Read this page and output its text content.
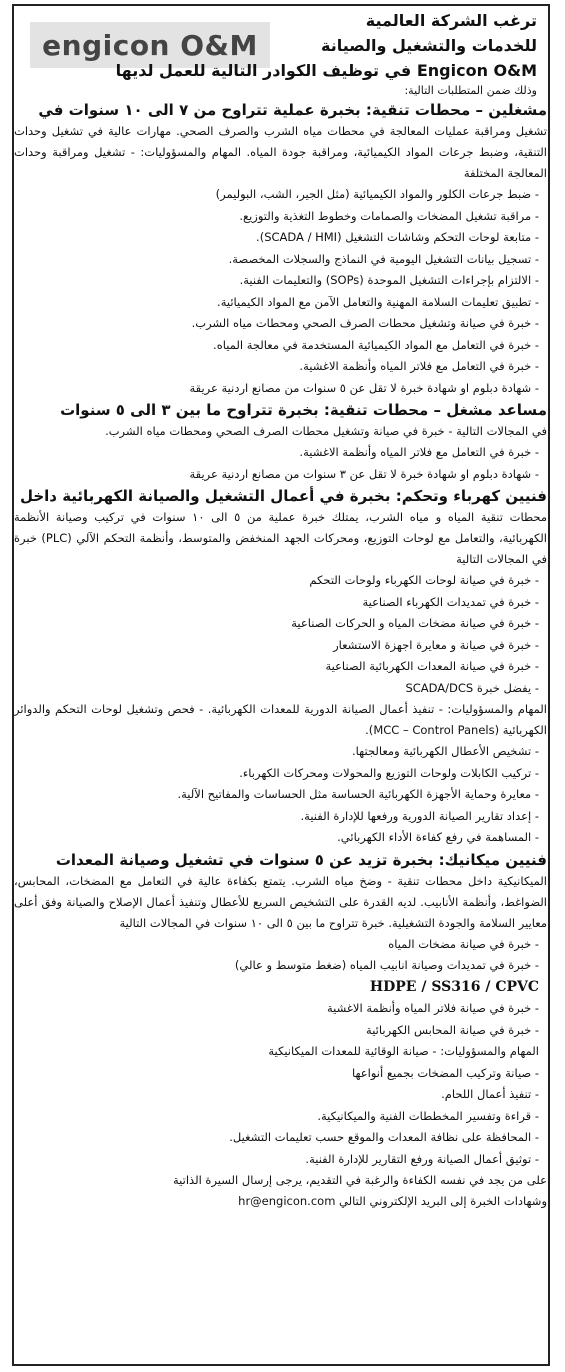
engicon O&M
ترغب الشركة العالمية
للخدمات والتشغيل والصيانة
Engicon O&M في توظيف الكوادر التالية للعمل لديها
وذلك ضمن المتطلبات التالية:
مشغلين – محطات تنقية: بخبرة عملية تتراوح من ٧ الى ١٠ سنوات في
تشغيل ومراقبة عمليات المعالجة في محطات مياه الشرب والصرف الصحي. مهارات عالية في تشغيل وحدات التنقية، وضبط جرعات المواد الكيميائية، ومراقبة جودة المياه. المهام والمسؤوليات: - تشغيل ومراقبة وحدات المعالجة المختلفة
- ضبط جرعات الكلور والمواد الكيميائية (مثل الجير، الشب، البوليمر)
- مراقبة تشغيل المضخات والصمامات وخطوط التغذية والتوزيع.
- متابعة لوحات التحكم وشاشات التشغيل (SCADA / HMI).
- تسجيل بيانات التشغيل اليومية في النماذج والسجلات المخصصة.
- الالتزام بإجراءات التشغيل الموحدة (SOPs) والتعليمات الفنية.
- تطبيق تعليمات السلامة المهنية والتعامل الآمن مع المواد الكيميائية.
- خبرة في صيانة وتشغيل محطات الصرف الصحي ومحطات مياه الشرب.
- خبرة في التعامل مع المواد الكيميائية المستخدمة في معالجة المياه.
- خبرة في التعامل مع فلاتر المياه وأنظمة الاغشية.
- شهادة دبلوم او شهادة خبرة لا تقل عن ٥ سنوات من مصانع اردنية عريقة
مساعد مشغل – محطات تنقية: بخبرة تتراوح ما بين ٣ الى ٥ سنوات
في المجالات التالية - خبرة في صيانة وتشغيل محطات الصرف الصحي ومحطات مياه الشرب.
- خبرة في التعامل مع فلاتر المياه وأنظمة الاغشية.
- شهادة دبلوم او شهادة خبرة لا تقل عن ٣ سنوات من مصانع اردنية عريقة
فنيين كهرباء وتحكم: بخبرة في أعمال التشغيل والصيانة الكهربائية داخل
محطات تنقية المياه و مياه الشرب، يمتلك خبرة عملية من ٥ الى ١٠ سنوات في تركيب وصيانة الأنظمة الكهربائية، والتعامل مع لوحات التوزيع، ومحركات الجهد المنخفض والمتوسط، وأنظمة التحكم الآلي (PLC) خبرة في المجالات التالية
- خبرة في صيانة لوحات الكهرباء ولوحات التحكم
- خبرة في تمديدات الكهرباء الصناعية
- خبرة في صيانة مضخات المياه و الحركات الصناعية
- خبرة في صيانة و معايرة اجهزة الاستشعار
- خبرة في صيانة المعدات الكهربائية الصناعية
- يفضل خبرة SCADA/DCS
المهام والمسؤوليات: - تنفيذ أعمال الصيانة الدورية للمعدات الكهربائية. - فحص وتشغيل لوحات التحكم والدوائر الكهربائية (MCC – Control Panels).
- تشخيص الأعطال الكهربائية ومعالجتها.
- تركيب الكابلات ولوحات التوزيع والمحولات ومحركات الكهرباء.
- معايرة وحماية الأجهزة الكهربائية الحساسة مثل الحساسات والمفاتيح الآلية.
- إعداد تقارير الصيانة الدورية ورفعها للإدارة الفنية.
- المساهمة في رفع كفاءة الأداء الكهربائي.
فنيين ميكانيك: بخبرة تزيد عن ٥ سنوات في تشغيل وصيانة المعدات
الميكانيكية داخل محطات تنقية - وضخ مياه الشرب. يتمتع بكفاءة عالية في التعامل مع المضخات، المحابس، الضواغط، وأنظمة الأنابيب. لديه القدرة على التشخيص السريع للأعطال وتنفيذ أعمال الإصلاح والصيانة وفق أعلى معايير السلامة والجودة التشغيلية. خبرة تتراوح ما بين ٥ الى ١٠ سنوات في المجالات التالية
- خبرة في صيانة مضخات المياه
- خبرة في تمديدات وصيانة انابيب المياه (ضغط متوسط و عالي)
HDPE / SS316 / CPVC
- خبرة في صيانة فلاتر المياه وأنظمة الاغشية
- خبرة في صيانة المحابس الكهربائية
المهام والمسؤوليات: - صيانة الوقائية للمعدات الميكانيكية
- صيانة وتركيب المضخات بجميع أنواعها
- تنفيذ أعمال اللحام.
- قراءة وتفسير المخططات الفنية والميكانيكية.
- المحافظة على نظافة المعدات والموقع حسب تعليمات التشغيل.
- توثيق أعمال الصيانة ورفع التقارير للإدارة الفنية.
على من يجد في نفسه الكفاءة والرغبة في التقديم، يرجى إرسال السيرة الذاتية
وشهادات الخبرة إلى البريد الإلكتروني التالي hr@engicon.com
